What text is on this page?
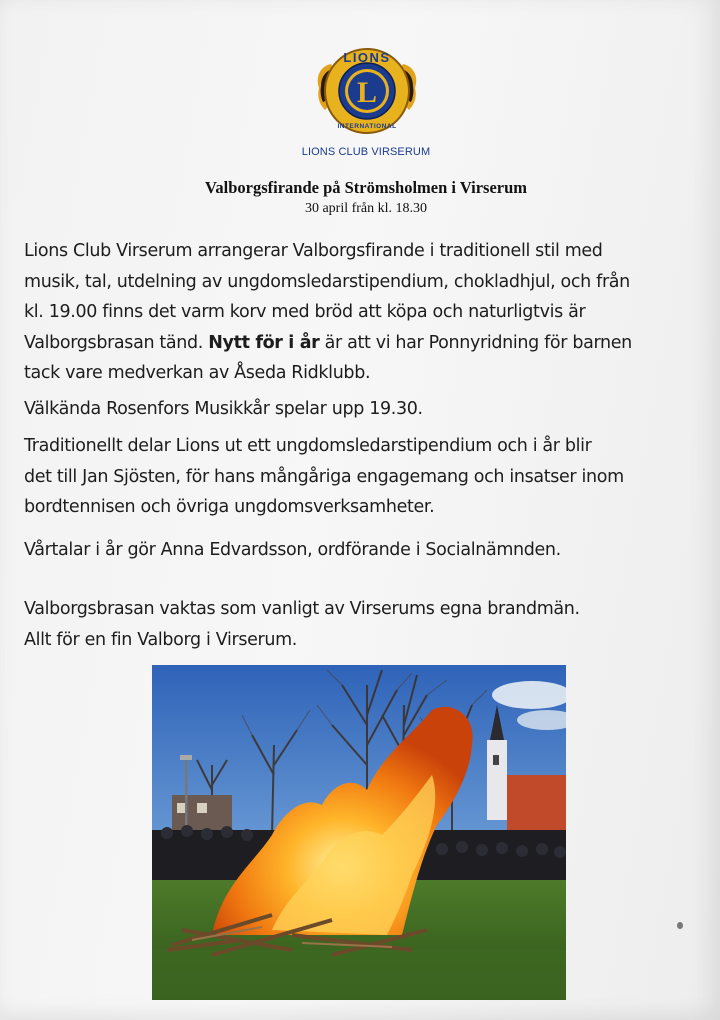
L
LIONS
INTERNATIONAL
LIONS CLUB VIRSERUM
Valborgsfirande på Strömsholmen i Virserum
30 april från kl. 18.30

Lions Club Virserum arrangerar Valborgsfirande i traditionell stil med
musik, tal, utdelning av ungdomsledarstipendium, chokladhjul, och från
kl. 19.00 finns det varm korv med bröd att köpa och naturligtvis är
Valborgsbrasan tänd. Nytt för i år är att vi har Ponnyridning för barnen
tack vare medverkan av Åseda Ridklubb.

Välkända Rosenfors Musikkår spelar upp 19.30.

Traditionellt delar Lions ut ett ungdomsledarstipendium och i år blir
det till Jan Sjösten, för hans mångåriga engagemang och insatser inom
bordtennisen och övriga ungdomsverksamheter.

Vårtalar i år gör Anna Edvardsson, ordförande i Socialnämnden.

Valborgsbrasan vaktas som vanligt av Virserums egna brandmän.
Allt för en fin Valborg i Virserum.
